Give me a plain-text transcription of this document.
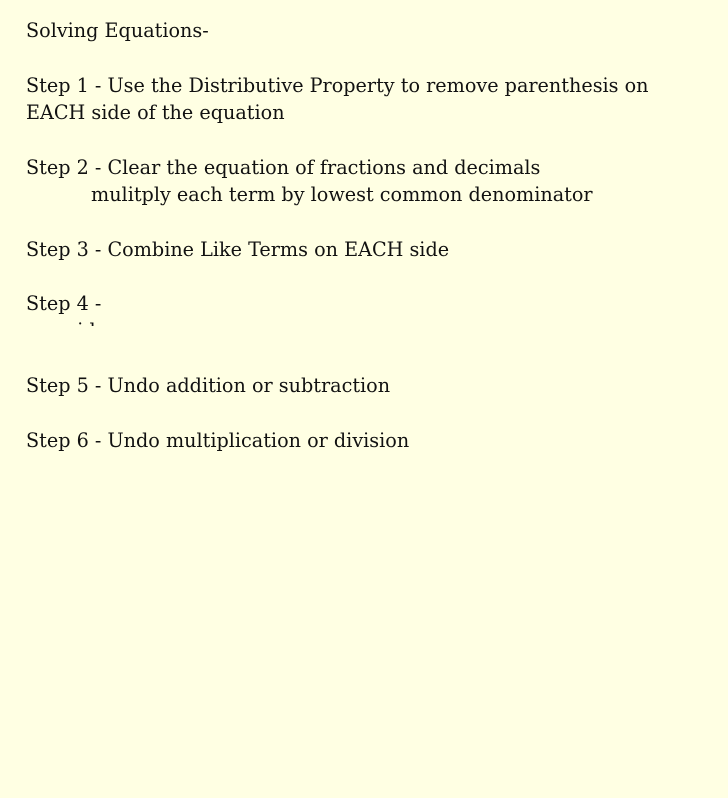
Solving Equations-
Step 1 - Use the Distributive Property to remove parenthesis on
EACH side of the equation
Step 2 - Clear the equation of fractions and decimals
mulitply each term by lowest common denominator
Step 3 - Combine Like Terms on EACH side
Step 4 -
Step 5 - Undo addition or subtraction
Step 6 - Undo multiplication or division
